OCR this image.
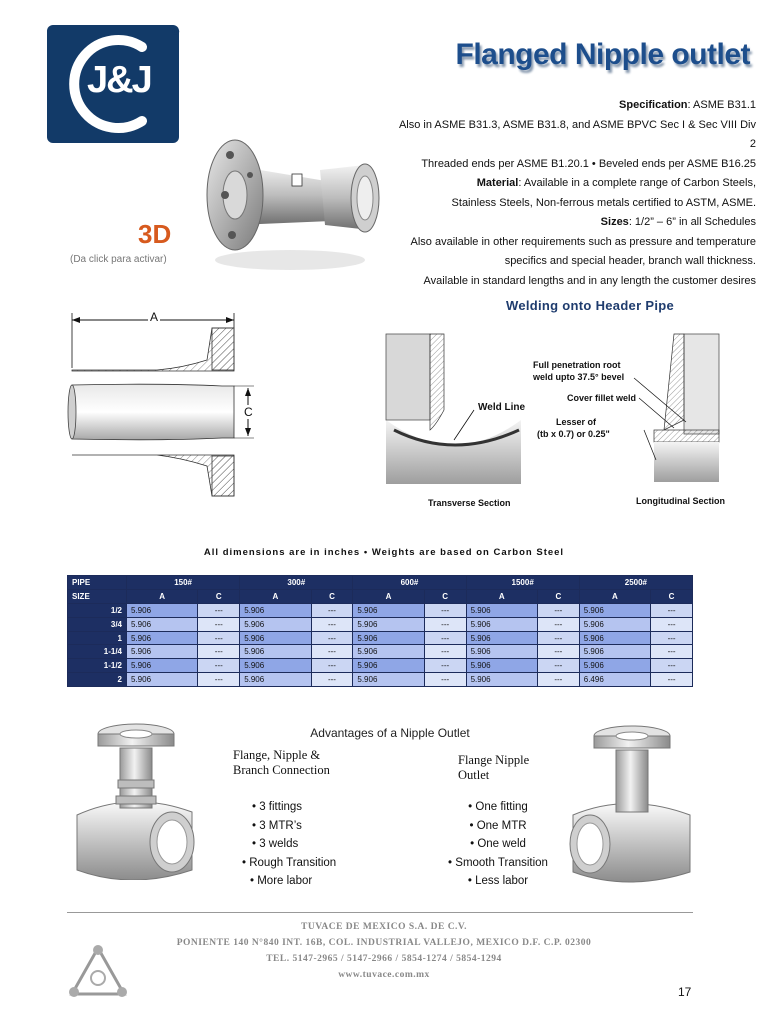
J&J
®
Flanged Nipple outlet
Specification: ASME B31.1
Also in ASME B31.3, ASME B31.8, and ASME BPVC Sec I & Sec VIII Div 2
Threaded ends per ASME B1.20.1 • Beveled ends per ASME B16.25
Material: Available in a complete range of Carbon Steels,
Stainless Steels, Non-ferrous metals certified to ASTM, ASME.
Sizes: 1/2” – 6” in all Schedules
Also available in other requirements such as pressure and temperature
specifics and special header, branch wall thickness.
Available in standard lengths and in any length the customer desires
3D
(Da click para activar)
A
C
Welding onto Header Pipe
Weld Line
Full penetration root
weld upto 37.5° bevel
Cover fillet weld
Lesser of
(tb x 0.7) or 0.25"
Transverse Section	Longitudinal Section
All dimensions are in inches • Weights are based on Carbon Steel
PIPE	150#		300#		600#		1500#		2500#	
SIZE	A	C	A	C	A	C	A	C	A	C
1/2	5.906	---	5.906	---	5.906	---	5.906	---	5.906	---
3/4	5.906	---	5.906	---	5.906	---	5.906	---	5.906	---
1	5.906	---	5.906	---	5.906	---	5.906	---	5.906	---
1-1/4	5.906	---	5.906	---	5.906	---	5.906	---	5.906	---
1-1/2	5.906	---	5.906	---	5.906	---	5.906	---	5.906	---
2	5.906	---	5.906	---	5.906	---	5.906	---	6.496	---
Advantages of a Nipple Outlet
Flange, Nipple &
Branch Connection
• 3 fittings
• 3 MTR’s
• 3 welds
• Rough Transition
• More labor
Flange Nipple
Outlet
• One fitting
• One MTR
• One weld
• Smooth Transition
• Less labor
TUVACE DE MEXICO S.A. DE C.V.
PONIENTE 140 N°840 INT. 16B, COL. INDUSTRIAL VALLEJO, MEXICO D.F. C.P. 02300
TEL. 5147-2965 / 5147-2966 / 5854-1274 / 5854-1294
www.tuvace.com.mx
17
